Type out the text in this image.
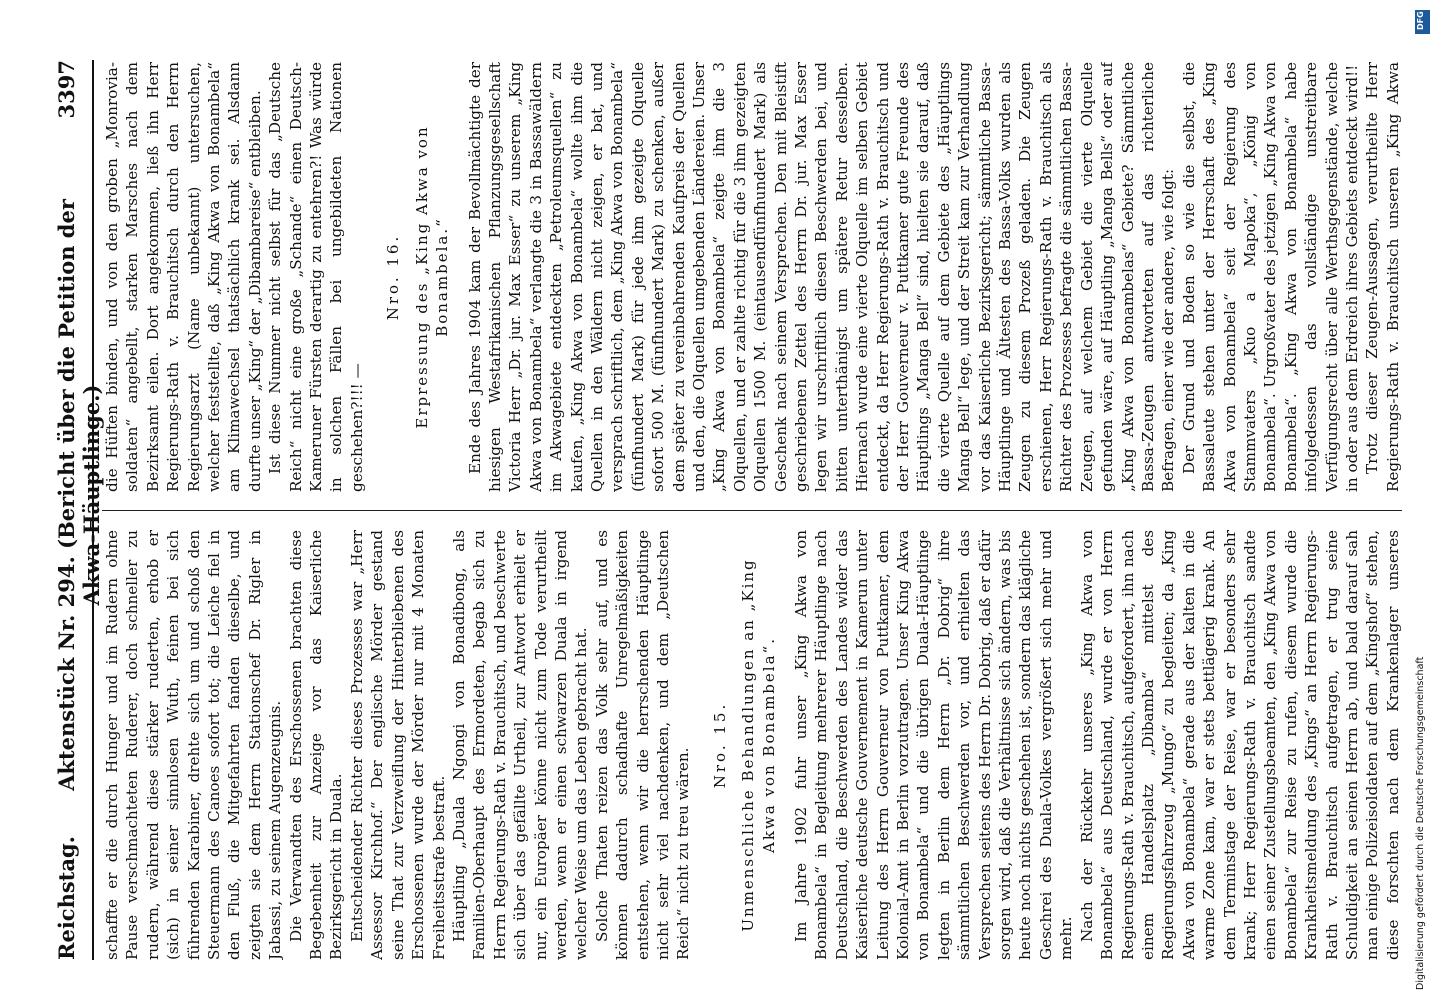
Reichstag.
Aktenstück Nr. 294. (Bericht über die Petition der Akwa-Häuptlinge.)
3397

schaffte er die durch Hunger und im Rudern ohne Pause verschmachteten Ruderer, doch schneller zu rudern, während diese stärker ruderten, erhob er (sich) in seiner sinnlosen Wuth, feinen bei sich führenden Karabiner, drehte sich um und schoß den Steuermann des Canoes sofort tot; die Leiche fiel in den Fluß, die Mitgefahrten fanden dieselbe, und zeigten sie dem Herrn Stationschef Dr. Rigler in Jabassi, zu seinem Augenzeugnis. Die Verwandten des Erschossenen brachten diese Begebenheit zur Anzeige vor das Kaiserliche Bezirksgericht in Duala. Entscheidender Richter dieses Prozesses war „Herr Assessor Kirchhof.“ Der englische Mörder gestand seine That zur Verzweiflung der Hinterbliebenen des Erschossenen wurde der Mörder nur mit 4 Monaten Freiheitsstrafe bestraft. Häuptling „Duala Ngongi von Bonadibong, als Familien-Oberhaupt des Ermordeten, begab sich zu Herrn Regierungs-Rath v. Brauchitsch, und beschwerte sich über das gefällte Urtheil, zur Antwort erhielt er nur, ein Europäer könne nicht zum Tode verurtheilt werden, wenn er einen schwarzen Duala in irgend welcher Weise um das Leben gebracht hat. Solche Thaten reizen das Volk sehr auf, und es können dadurch schadhafte Unregelmäßigkeiten entstehen, wenn wir die herrschenden Häuptlinge nicht sehr viel nachdenken, und dem „Deutschen Reich“ nicht zu treu wären.

Nro. 15. Unmenschliche Behandlungen an „King Akwa von Bonambela“. Im Jahre 1902 fuhr unser „King Akwa von Bonambela“ in Begleitung mehrerer Häuptlinge nach Deutschland, die Beschwerden des Landes wider das Kaiserliche deutsche Gouvernement in Kamerun unter Leitung des Herrn Gouverneur von Puttkamer, dem Kolonial-Amt in Berlin vorzutragen. Unser King Akwa von Bonambela“ und die übrigen Duala-Häuptlinge legten in Berlin dem Herrn „Dr. Dobrig“ ihre sämmtlichen Beschwerden vor, und erhielten das Versprechen seitens des Herrn Dr. Dobrig, daß er dafür sorgen wird, daß die Verhältnisse sich ändern, was bis heute noch nichts geschehen ist, sondern das klägliche Geschrei des Duala-Volkes vergrößert sich mehr und mehr. Nach der Rückkehr unseres „King Akwa von Bonambela“ aus Deutschland, wurde er von Herrn Regierungs-Rath v. Brauchitsch, aufgefordert, ihn nach einem Handelsplatz „Dibamba“ mittelst des Regierungsfahrzeug „Mungo“ zu begleiten; da „King Akwa von Bonambela“ gerade aus der kalten in die warme Zone kam, war er stets bettlägerig krank. An dem Terminstage der Reise, war er besonders sehr krank; Herr Regierungs-Rath v. Brauchitsch sandte einen seiner Zustellungsbeamten, den „King Akwa von Bonambela“ zur Reise zu rufen, diesem wurde die Krankheitsmeldung des „Kings“ an Herrn Regierungs-Rath v. Brauchitsch aufgetragen, er trug seine Schuldigkeit an seinen Herrn ab, und bald darauf sah man einige Polizeisoldaten auf dem „Kingshof“ stehen, diese forschten nach dem Krankenlager unseres

die Hüften binden, und von den groben „Monrovia-soldaten“ angebellt, starken Marsches nach dem Bezirksamt eilen. Dort angekommen, ließ ihn Herr Regierungs-Rath v. Brauchitsch durch den Herrn Regierungsarzt (Name unbekannt) untersuchen, welcher feststellte, daß „King Akwa von Bonambela“ am Klimawechsel thatsächlich krank sei. Alsdann durfte unser „King“ der „Dibambareise“ entbleiben. Ist diese Nummer nicht selbst für das „Deutsche Reich“ nicht eine große „Schande“ einen Deutsch-Kameruner Fürsten derartig zu entehren?! Was würde in solchen Fällen bei ungebildeten Nationen geschehen?!!! —

Nro. 16. Erpressung des „King Akwa von Bonambela.“ Ende des Jahres 1904 kam der Bevollmächtigte der hiesigen Westafrikanischen Pflanzungsgesellschaft Victoria Herr „Dr. jur. Max Esser“ zu unserem „King Akwa von Bonambela“ verlangte die 3 in Bassawäldern im Akwagebiete entdeckten „Petroleumsquellen“ zu kaufen, „King Akwa von Bonambela“ wollte ihm die Quellen in den Wäldern nicht zeigen, er bat, und versprach schriftlich, dem „King Akwa von Bonambela“ (fünfhundert Mark) für jede ihm gezeigte Olquelle sofort 500 M. (fünfhundert Mark) zu schenken, außer dem später zu vereinbahrenden Kaufpreis der Quellen und den, die Olquellen umgebenden Ländereien. Unser „King Akwa von Bonambela“ zeigte ihm die 3 Olquellen, und er zahlte richtig für die 3 ihm gezeigten Olquellen 1500 M. (eintausendfünfhundert Mark) als Geschenk nach seinem Versprechen. Den mit Bleistift geschriebenen Zettel des Herrn Dr. jur. Max Esser legen wir urschriftlich diesen Beschwerden bei, und bitten unterthänigst um spätere Retur desselben. Hiernach wurde eine vierte Olquelle im selben Gebiet entdeckt, da Herr Regierungs-Rath v. Brauchitsch und der Herr Gouverneur v. Puttkamer gute Freunde des Häuptlings „Manga Bell“ sind, hielten sie darauf, daß die vierte Quelle auf dem Gebiete des „Häuptlings Manga Bell“ lege, und der Streit kam zur Verhandlung vor das Kaiserliche Bezirksgericht; sämmtliche Bassa-Häuptlinge und Ältesten des Bassa-Volks wurden als Zeugen zu diesem Prozeß geladen. Die Zeugen erschienen, Herr Regierungs-Rath v. Brauchitsch als Richter des Prozesses befragte die sämmtlichen Bassa-Zeugen, auf welchem Gebiet die vierte Olquelle gefunden wäre, auf Häuptling „Manga Bells“ oder auf „King Akwa von Bonambelas“ Gebiete? Sämmtliche Bassa-Zeugen antworteten auf das richterliche Befragen, einer wie der andere, wie folgt: Der Grund und Boden so wie die selbst, die Bassaleute stehen unter der Herrschaft des „King Akwa von Bonambela“ seit der Regierung des Stammvaters „Kuo a Mapoka“, „König von Bonambela“. Urgroßvater des jetzigen „King Akwa von Bonambela“. „King Akwa von Bonambela“ habe infolgedessen das vollständige unstreitbare Verfügungsrecht über alle Werthsgegenstände, welche in oder aus dem Erdreich ihres Gebiets entdeckt wird!! Trotz dieser Zeugen-Aussagen, verurtheilte Herr Regierungs-Rath v. Brauchitsch unseren „King Akwa

DFG
Digitalisierung gefördert durch die Deutsche Forschungsgemeinschaft
